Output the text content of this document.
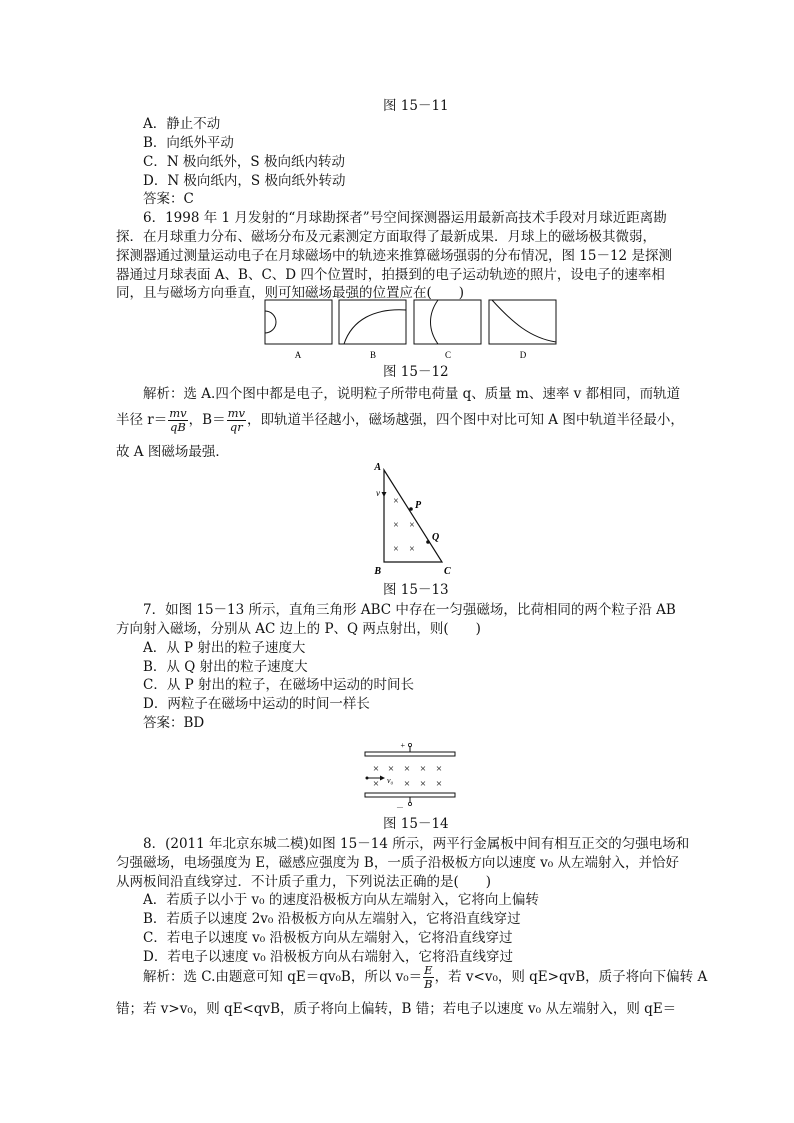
图 15－11
A．静止不动
B．向纸外平动
C．N 极向纸外，S 极向纸内转动
D．N 极向纸内，S 极向纸外转动
答案：C
6．1998 年 1 月发射的“月球勘探者”号空间探测器运用最新高技术手段对月球近距离勘
探．在月球重力分布、磁场分布及元素测定方面取得了最新成果．月球上的磁场极其微弱，
探测器通过测量运动电子在月球磁场中的轨迹来推算磁场强弱的分布情况，图 15－12 是探测
器通过月球表面 A、B、C、D 四个位置时，拍摄到的电子运动轨迹的照片，设电子的速率相
同，且与磁场方向垂直，则可知磁场最强的位置应在(　　)
A	B	C	D
图 15－12
解析：选 A.四个图中都是电子，说明粒子所带电荷量 q、质量 m、速率 v 都相同，而轨道
半径 $r= \frac{mv}{qB}$ ，$B= \frac{mv}{qr}$ ，即轨道半径越小，磁场越强，四个图中对比可知 A 图中轨道半径最小，
故 A 图磁场最强．
A
B	C
v
P
Q
×
× ×
× ×
图 15－13
7．如图 15－13 所示，直角三角形 ABC 中存在一匀强磁场，比荷相同的两个粒子沿 AB
方向射入磁场，分别从 AC 边上的 P、Q 两点射出，则(　　)
A．从 P 射出的粒子速度大
B．从 Q 射出的粒子速度大
C．从 P 射出的粒子，在磁场中运动的时间长
D．两粒子在磁场中运动的时间一样长
答案：BD
+
－
× × × × ×
× × × ×
v₀
图 15－14
8．(2011 年北京东城二模)如图 15－14 所示，两平行金属板中间有相互正交的匀强电场和
匀强磁场，电场强度为 E，磁感应强度为 B，一质子沿极板方向以速度 v₀ 从左端射入，并恰好
从两板间沿直线穿过．不计质子重力，下列说法正确的是(　　)
A．若质子以小于 v₀ 的速度沿极板方向从左端射入，它将向上偏转
B．若质子以速度 2v₀ 沿极板方向从左端射入，它将沿直线穿过
C．若电子以速度 v₀ 沿极板方向从左端射入，它将沿直线穿过
D．若电子以速度 v₀ 沿极板方向从右端射入，它将沿直线穿过
解析：选 C.由题意可知 qE＝qv₀B，所以 $v_0= \frac{E}{B}$ ，若 v<v₀，则 qE>qvB，质子将向下偏转 A
错；若 v>v₀，则 qE<qvB，质子将向上偏转，B 错；若电子以速度 v₀ 从左端射入，则 qE＝
